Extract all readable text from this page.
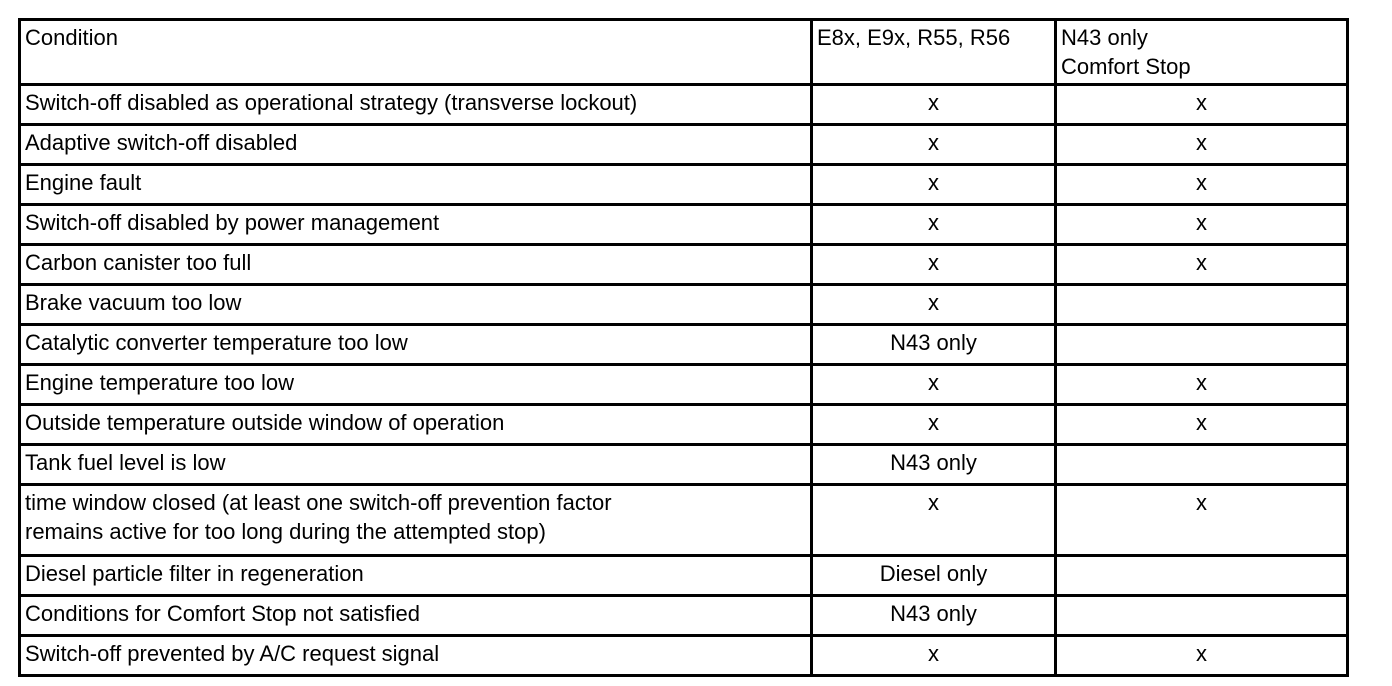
Condition	E8x, E9x, R55, R56	N43 only
Comfort Stop
Switch-off disabled as operational strategy (transverse lockout)	x	x
Adaptive switch-off disabled	x	x
Engine fault	x	x
Switch-off disabled by power management	x	x
Carbon canister too full	x	x
Brake vacuum too low	x	
Catalytic converter temperature too low	N43 only	
Engine temperature too low	x	x
Outside temperature outside window of operation	x	x
Tank fuel level is low	N43 only	
time window closed (at least one switch-off prevention factor
remains active for too long during the attempted stop)	x	x
Diesel particle filter in regeneration	Diesel only	
Conditions for Comfort Stop not satisfied	N43 only	
Switch-off prevented by A/C request signal	x	x
